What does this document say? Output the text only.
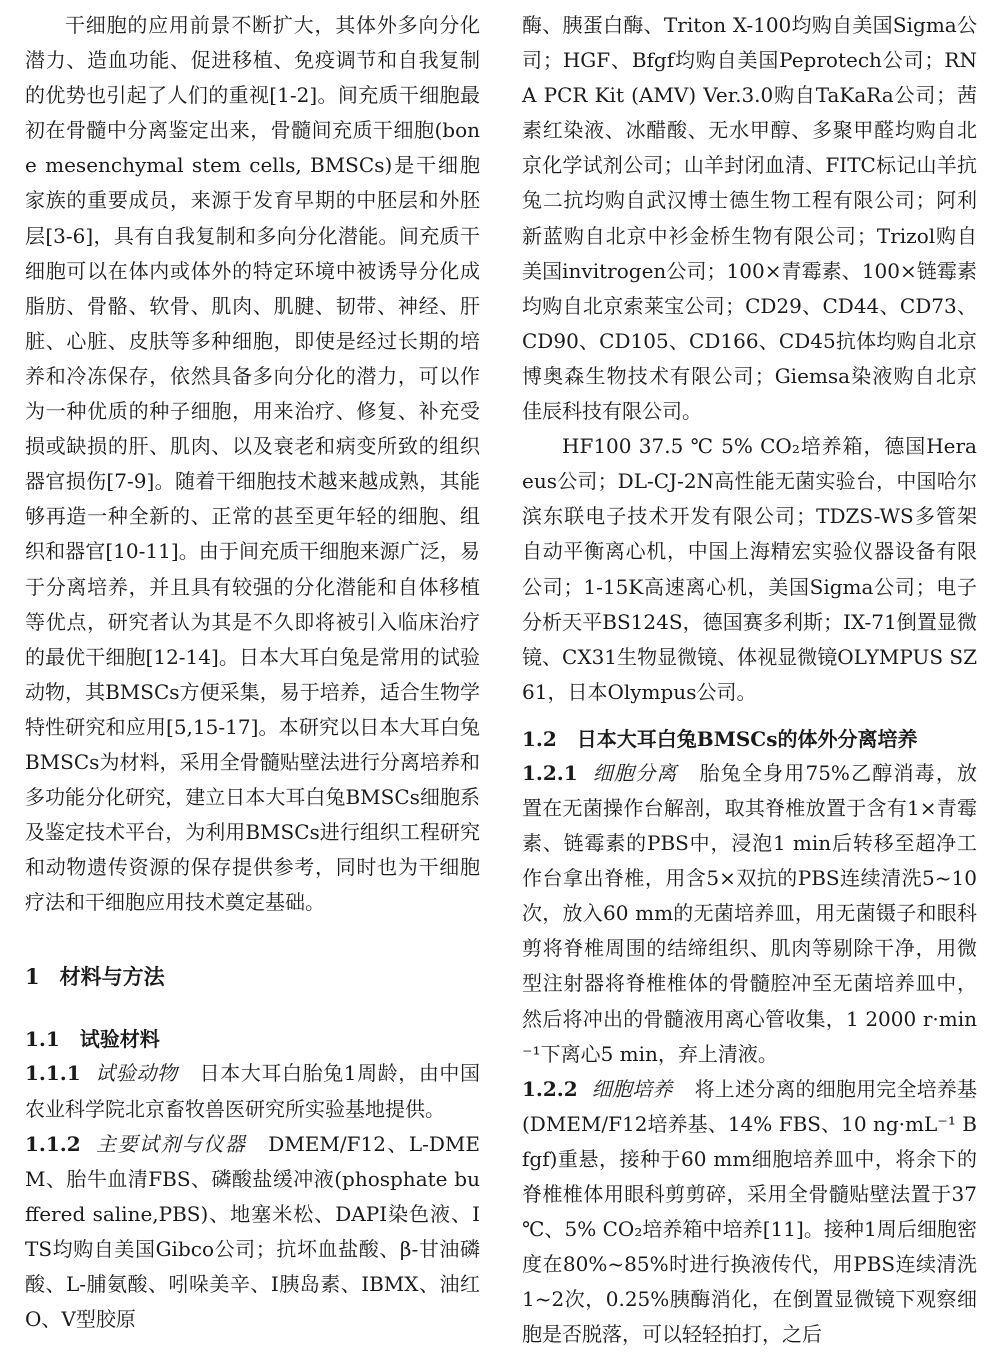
干细胞的应用前景不断扩大，其体外多向分化潜力、造血功能、促进移植、免疫调节和自我复制的优势也引起了人们的重视[1-2]。间充质干细胞最初在骨髓中分离鉴定出来，骨髓间充质干细胞(bone mesenchymal stem cells, BMSCs)是干细胞家族的重要成员，来源于发育早期的中胚层和外胚层[3-6]，具有自我复制和多向分化潜能。间充质干细胞可以在体内或体外的特定环境中被诱导分化成脂肪、骨骼、软骨、肌肉、肌腱、韧带、神经、肝脏、心脏、皮肤等多种细胞，即使是经过长期的培养和冷冻保存，依然具备多向分化的潜力，可以作为一种优质的种子细胞，用来治疗、修复、补充受损或缺损的肝、肌肉、以及衰老和病变所致的组织器官损伤[7-9]。随着干细胞技术越来越成熟，其能够再造一种全新的、正常的甚至更年轻的细胞、组织和器官[10-11]。由于间充质干细胞来源广泛，易于分离培养，并且具有较强的分化潜能和自体移植等优点，研究者认为其是不久即将被引入临床治疗的最优干细胞[12-14]。日本大耳白兔是常用的试验动物，其BMSCs方便采集，易于培养，适合生物学特性研究和应用[5,15-17]。本研究以日本大耳白兔BMSCs为材料，采用全骨髓贴壁法进行分离培养和多功能分化研究，建立日本大耳白兔BMSCs细胞系及鉴定技术平台，为利用BMSCs进行组织工程研究和动物遗传资源的保存提供参考，同时也为干细胞疗法和干细胞应用技术奠定基础。

1 材料与方法
1.1 试验材料

1.1.1 试验动物 日本大耳白胎兔1周龄，由中国农业科学院北京畜牧兽医研究所实验基地提供。

1.1.2 主要试剂与仪器 DMEM/F12、L-DMEM、胎牛血清FBS、磷酸盐缓冲液(phosphate buffered saline,PBS)、地塞米松、DAPI染色液、ITS均购自美国Gibco公司；抗坏血盐酸、β-甘油磷酸、L-脯氨酸、吲哚美辛、Ⅰ胰岛素、IBMX、油红O、V型胶原

酶、胰蛋白酶、Triton X-100均购自美国Sigma公司；HGF、Bfgf均购自美国Peprotech公司；RNA PCR Kit (AMV) Ver.3.0购自TaKaRa公司；茜素红染液、冰醋酸、无水甲醇、多聚甲醛均购自北京化学试剂公司；山羊封闭血清、FITC标记山羊抗兔二抗均购自武汉博士德生物工程有限公司；阿利新蓝购自北京中衫金桥生物有限公司；Trizol购自美国invitrogen公司；100×青霉素、100×链霉素均购自北京索莱宝公司；CD29、CD44、CD73、CD90、CD105、CD166、CD45抗体均购自北京博奥森生物技术有限公司；Giemsa染液购自北京佳辰科技有限公司。

HF100 37.5 ℃ 5% CO₂培养箱，德国Heraeus公司；DL-CJ-2N高性能无菌实验台，中国哈尔滨东联电子技术开发有限公司；TDZS-WS多管架自动平衡离心机，中国上海精宏实验仪器设备有限公司；1-15K高速离心机，美国Sigma公司；电子分析天平BS124S，德国赛多利斯；IX-71倒置显微镜、CX31生物显微镜、体视显微镜OLYMPUS SZ61，日本Olympus公司。

1.2 日本大耳白兔BMSCs的体外分离培养

1.2.1 细胞分离 胎兔全身用75%乙醇消毒，放置在无菌操作台解剖，取其脊椎放置于含有1×青霉素、链霉素的PBS中，浸泡1 min后转移至超净工作台拿出脊椎，用含5×双抗的PBS连续清洗5~10次，放入60 mm的无菌培养皿，用无菌镊子和眼科剪将脊椎周围的结缔组织、肌肉等剔除干净，用微型注射器将脊椎椎体的骨髓腔冲至无菌培养皿中，然后将冲出的骨髓液用离心管收集，1 2000 r·min⁻¹下离心5 min，弃上清液。

1.2.2 细胞培养 将上述分离的细胞用完全培养基(DMEM/F12培养基、14% FBS、10 ng·mL⁻¹ Bfgf)重悬，接种于60 mm细胞培养皿中，将余下的脊椎椎体用眼科剪剪碎，采用全骨髓贴壁法置于37 ℃、5% CO₂培养箱中培养[11]。接种1周后细胞密度在80%~85%时进行换液传代，用PBS连续清洗1~2次，0.25%胰酶消化，在倒置显微镜下观察细胞是否脱落，可以轻轻拍打，之后
